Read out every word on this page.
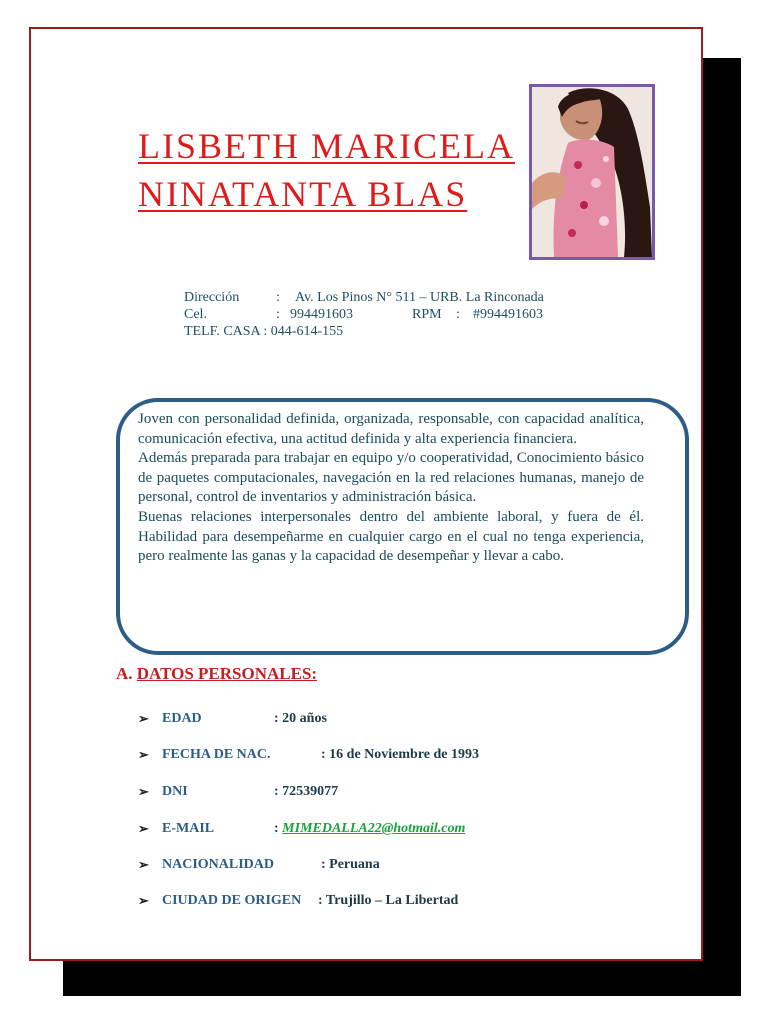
LISBETH MARICELA
NINATANTA BLAS
Dirección	: Av. Los Pinos N° 511 – URB. La Rinconada
Cel.	: 994491603	RPM : #994491603
TELF. CASA : 044-614-155

Joven con personalidad definida, organizada, responsable, con capacidad analítica, comunicación efectiva, una actitud definida y alta experiencia financiera.

Además preparada para trabajar en equipo y/o cooperatividad, Conocimiento básico de paquetes computacionales, navegación en la red relaciones humanas, manejo de personal, control de inventarios y administración básica.

Buenas relaciones interpersonales dentro del ambiente laboral, y fuera de él. Habilidad para desempeñarme en cualquier cargo en el cual no tenga experiencia, pero realmente las ganas y la capacidad de desempeñar y llevar a cabo.

A. DATOS PERSONALES:
➢ EDAD	: 20 años
➢ FECHA DE NAC.	: 16 de Noviembre de 1993
➢ DNI	: 72539077
➢ E-MAIL	: MIMEDALLA22@hotmail.com
➢ NACIONALIDAD	: Peruana
➢ CIUDAD DE ORIGEN : Trujillo – La Libertad
